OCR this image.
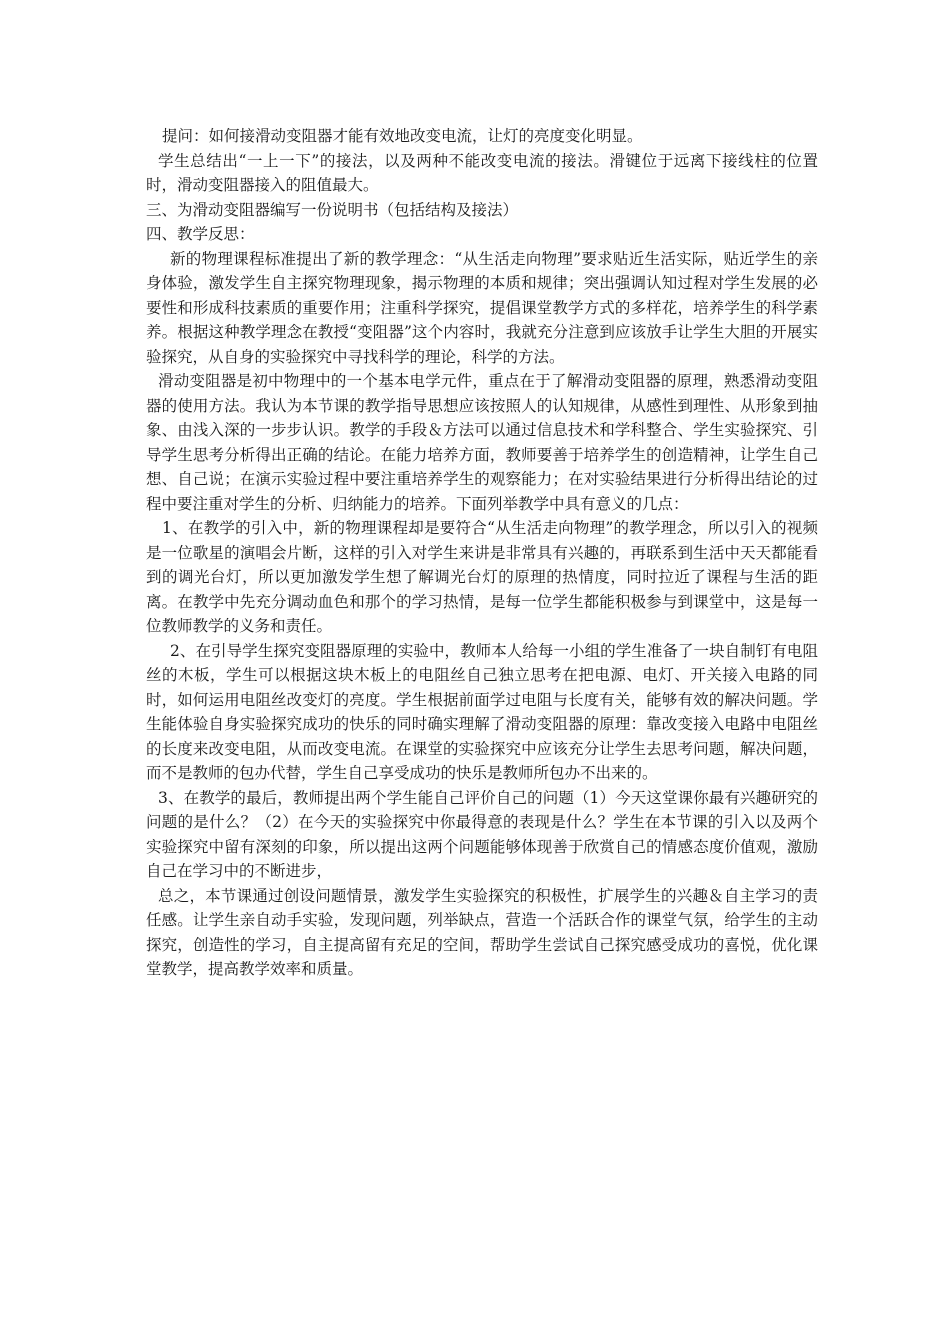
提问：如何接滑动变阻器才能有效地改变电流，让灯的亮度变化明显。

学生总结出“一上一下”的接法，以及两种不能改变电流的接法。滑键位于远离下接线柱的位置时，滑动变阻器接入的阻值最大。

三、为滑动变阻器编写一份说明书（包括结构及接法）

四、教学反思：

新的物理课程标准提出了新的教学理念：“从生活走向物理”要求贴近生活实际，贴近学生的亲身体验，激发学生自主探究物理现象，揭示物理的本质和规律；突出强调认知过程对学生发展的必要性和形成科技素质的重要作用；注重科学探究，提倡课堂教学方式的多样花，培养学生的科学素养。根据这种教学理念在教授“变阻器”这个内容时，我就充分注意到应该放手让学生大胆的开展实验探究，从自身的实验探究中寻找科学的理论，科学的方法。

滑动变阻器是初中物理中的一个基本电学元件，重点在于了解滑动变阻器的原理，熟悉滑动变阻器的使用方法。我认为本节课的教学指导思想应该按照人的认知规律，从感性到理性、从形象到抽象、由浅入深的一步步认识。教学的手段＆方法可以通过信息技术和学科整合、学生实验探究、引导学生思考分析得出正确的结论。在能力培养方面，教师要善于培养学生的创造精神，让学生自己想、自己说；在演示实验过程中要注重培养学生的观察能力；在对实验结果进行分析得出结论的过程中要注重对学生的分析、归纳能力的培养。下面列举教学中具有意义的几点：

1、在教学的引入中，新的物理课程却是要符合“从生活走向物理”的教学理念，所以引入的视频是一位歌星的演唱会片断，这样的引入对学生来讲是非常具有兴趣的，再联系到生活中天天都能看到的调光台灯，所以更加激发学生想了解调光台灯的原理的热情度，同时拉近了课程与生活的距离。在教学中先充分调动血色和那个的学习热情，是每一位学生都能积极参与到课堂中，这是每一位教师教学的义务和责任。

2、在引导学生探究变阻器原理的实验中，教师本人给每一小组的学生准备了一块自制钉有电阻丝的木板，学生可以根据这块木板上的电阻丝自己独立思考在把电源、电灯、开关接入电路的同时，如何运用电阻丝改变灯的亮度。学生根据前面学过电阻与长度有关，能够有效的解决问题。学生能体验自身实验探究成功的快乐的同时确实理解了滑动变阻器的原理：靠改变接入电路中电阻丝的长度来改变电阻，从而改变电流。在课堂的实验探究中应该充分让学生去思考问题，解决问题，而不是教师的包办代替，学生自己享受成功的快乐是教师所包办不出来的。

3、在教学的最后，教师提出两个学生能自己评价自己的问题（1）今天这堂课你最有兴趣研究的问题的是什么？（2）在今天的实验探究中你最得意的表现是什么？学生在本节课的引入以及两个实验探究中留有深刻的印象，所以提出这两个问题能够体现善于欣赏自己的情感态度价值观，激励自己在学习中的不断进步，

总之，本节课通过创设问题情景，激发学生实验探究的积极性，扩展学生的兴趣＆自主学习的责任感。让学生亲自动手实验，发现问题，列举缺点，营造一个活跃合作的课堂气氛，给学生的主动探究，创造性的学习，自主提高留有充足的空间，帮助学生尝试自己探究感受成功的喜悦，优化课堂教学，提高教学效率和质量。
